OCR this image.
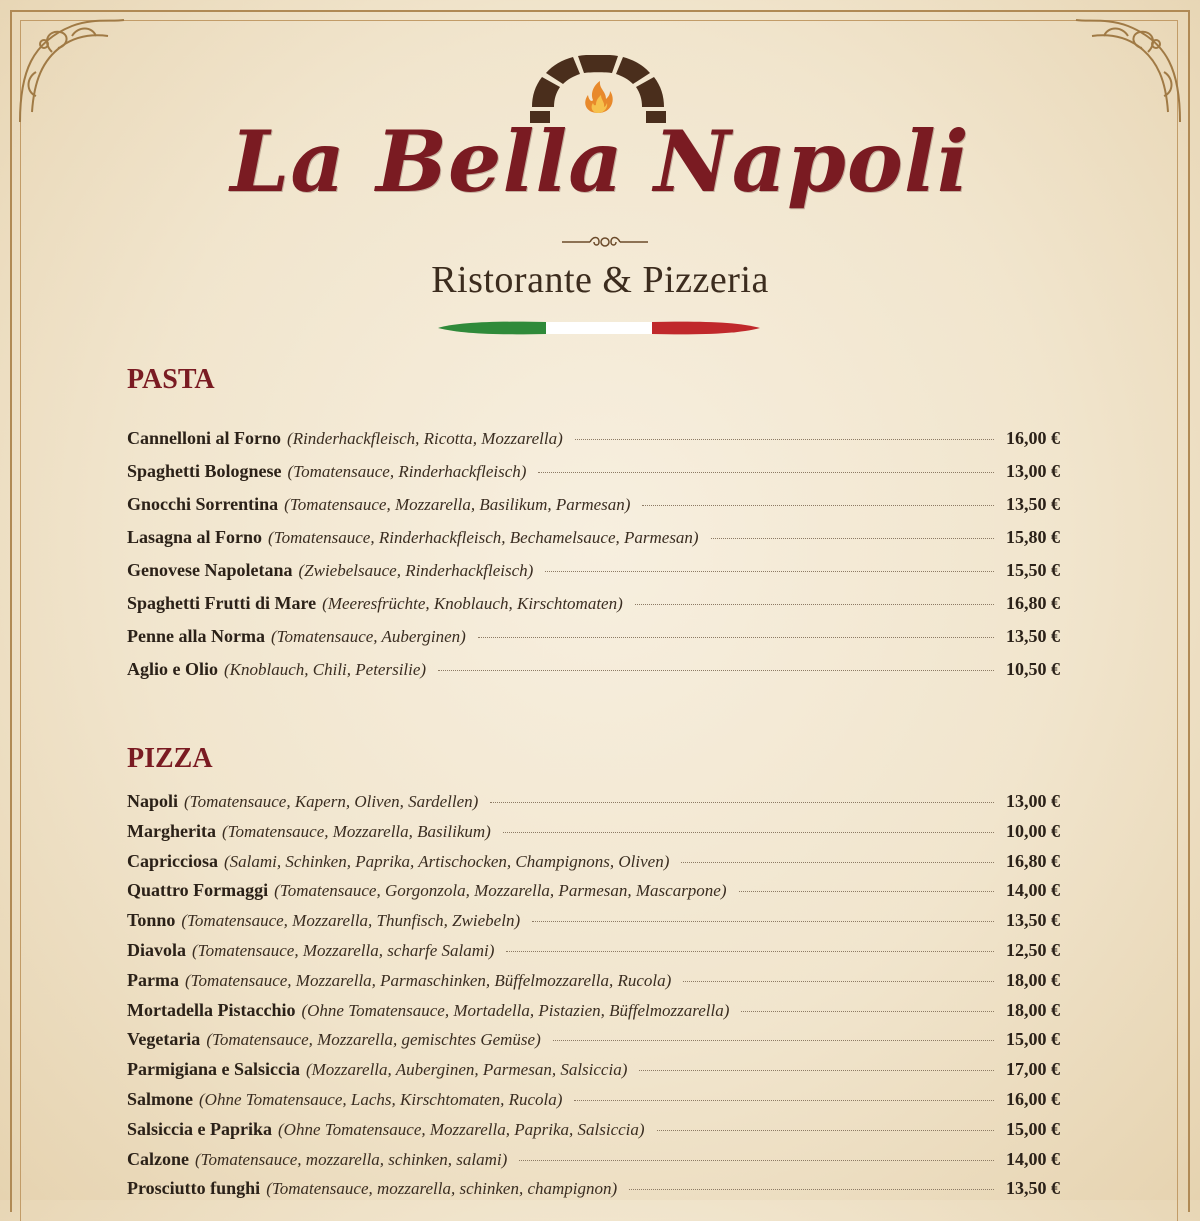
La Bella Napoli
Ristorante & Pizzeria
PASTA
Cannelloni al Forno (Rinderhackfleisch, Ricotta, Mozzarella)	16,00 €
Spaghetti Bolognese (Tomatensauce, Rinderhackfleisch)	13,00 €
Gnocchi Sorrentina (Tomatensauce, Mozzarella, Basilikum, Parmesan)	13,50 €
Lasagna al Forno (Tomatensauce, Rinderhackfleisch, Bechamelsauce, Parmesan)	15,80 €
Genovese Napoletana (Zwiebelsauce, Rinderhackfleisch)	15,50 €
Spaghetti Frutti di Mare (Meeresfrüchte, Knoblauch, Kirschtomaten)	16,80 €
Penne alla Norma (Tomatensauce, Auberginen)	13,50 €
Aglio e Olio (Knoblauch, Chili, Petersilie)	10,50 €
PIZZA
Napoli (Tomatensauce, Kapern, Oliven, Sardellen)	13,00 €
Margherita (Tomatensauce, Mozzarella, Basilikum)	10,00 €
Capricciosa (Salami, Schinken, Paprika, Artischocken, Champignons, Oliven)	16,80 €
Quattro Formaggi (Tomatensauce, Gorgonzola, Mozzarella, Parmesan, Mascarpone)	14,00 €
Tonno (Tomatensauce, Mozzarella, Thunfisch, Zwiebeln)	13,50 €
Diavola (Tomatensauce, Mozzarella, scharfe Salami)	12,50 €
Parma (Tomatensauce, Mozzarella, Parmaschinken, Büffelmozzarella, Rucola)	18,00 €
Mortadella Pistacchio (Ohne Tomatensauce, Mortadella, Pistazien, Büffelmozzarella)	18,00 €
Vegetaria (Tomatensauce, Mozzarella, gemischtes Gemüse)	15,00 €
Parmigiana e Salsiccia (Mozzarella, Auberginen, Parmesan, Salsiccia)	17,00 €
Salmone (Ohne Tomatensauce, Lachs, Kirschtomaten, Rucola)	16,00 €
Salsiccia e Paprika (Ohne Tomatensauce, Mozzarella, Paprika, Salsiccia)	15,00 €
Calzone (Tomatensauce, mozzarella, schinken, salami)	14,00 €
Prosciutto funghi (Tomatensauce, mozzarella, schinken, champignon)	13,50 €
